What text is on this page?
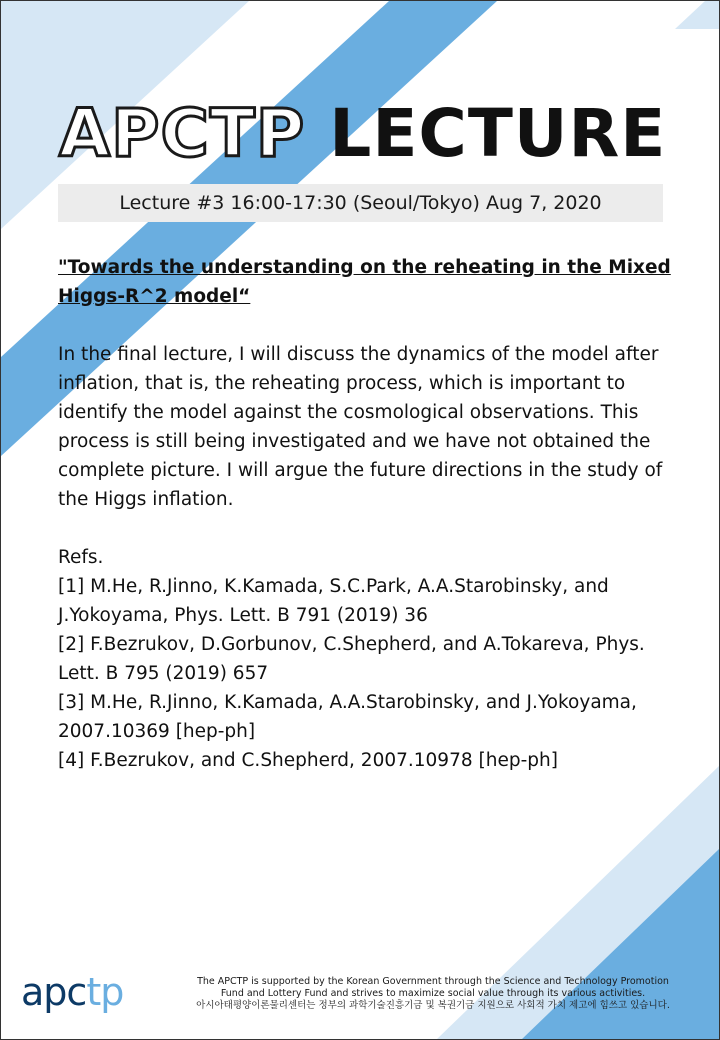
APCTP LECTURE
Lecture #3 16:00-17:30 (Seoul/Tokyo) Aug 7, 2020

"Towards the understanding on the reheating in the Mixed Higgs-R^2 model“

In the final lecture, I will discuss the dynamics of the model after inflation, that is, the reheating process, which is important to identify the model against the cosmological observations. This process is still being investigated and we have not obtained the complete picture. I will argue the future directions in the study of the Higgs inflation.

Refs.

[1] M.He, R.Jinno, K.Kamada, S.C.Park, A.A.Starobinsky, and J.Yokoyama, Phys. Lett. B 791 (2019) 36
[2] F.Bezrukov, D.Gorbunov, C.Shepherd, and A.Tokareva, Phys. Lett. B 795 (2019) 657
[3] M.He, R.Jinno, K.Kamada, A.A.Starobinsky, and J.Yokoyama, 2007.10369 [hep-ph]
[4] F.Bezrukov, and C.Shepherd, 2007.10978 [hep-ph]
apctp	The APCTP is supported by the Korean Government through the Science and Technology Promotion

Fund and Lottery Fund and strives to maximize social value through its various activities.

아시아태평양이론물리센터는 정부의 과학기술진흥기금 및 복권기금 지원으로 사회적 가치 제고에 힘쓰고 있습니다.
